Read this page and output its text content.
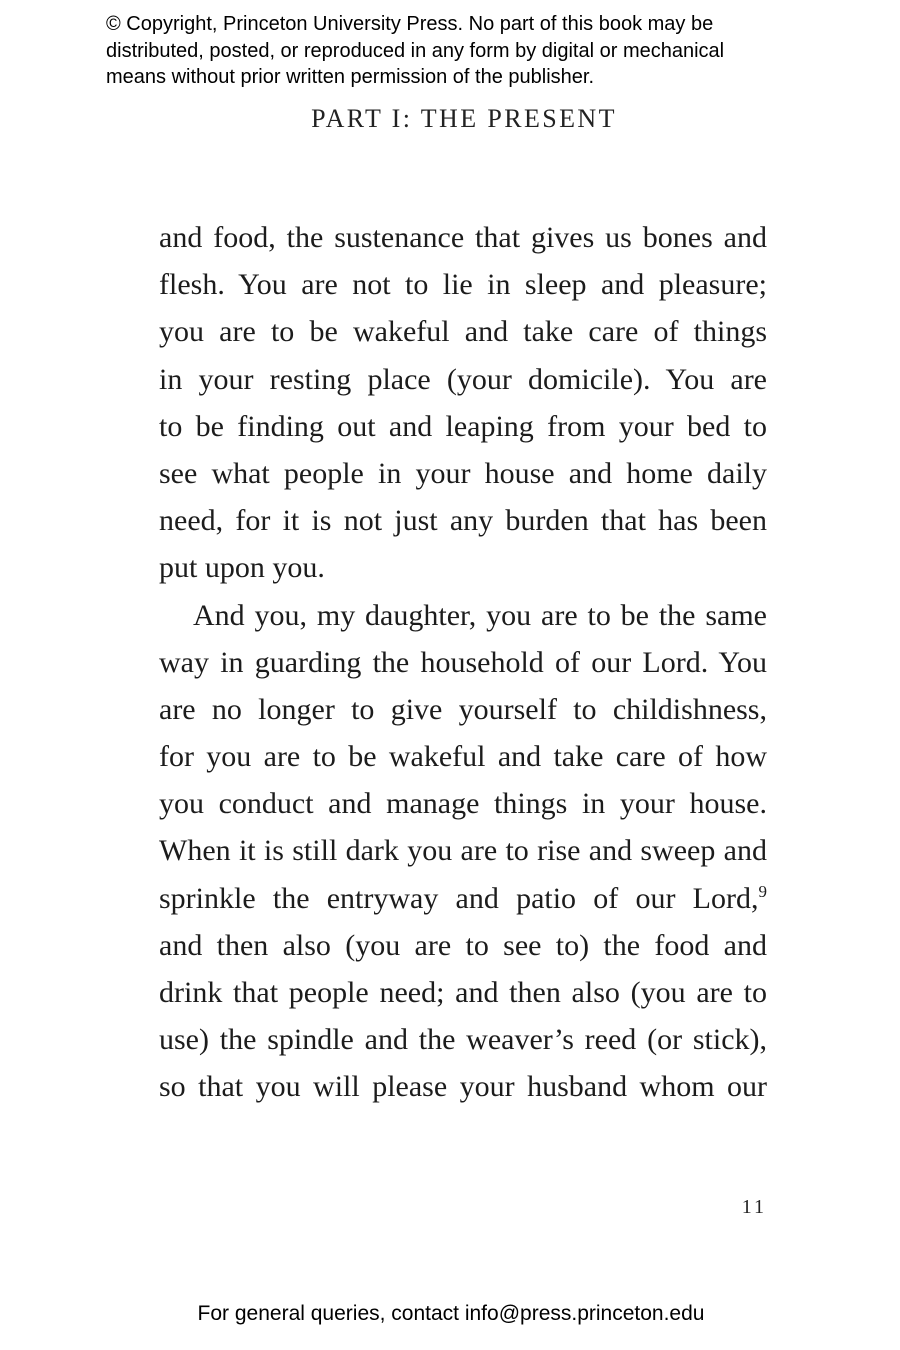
© Copyright, Princeton University Press. No part of this book may be
distributed, posted, or reproduced in any form by digital or mechanical
means without prior written permission of the publisher.
PART I: THE PRESENT
and food, the sustenance that gives us bones and
flesh. You are not to lie in sleep and pleasure;
you are to be wakeful and take care of things
in your resting place (your domicile). You are
to be finding out and leaping from your bed to
see what people in your house and home daily
need, for it is not just any burden that has been
put upon you.
And you, my daughter, you are to be the same
way in guarding the household of our Lord. You
are no longer to give yourself to childishness,
for you are to be wakeful and take care of how
you conduct and manage things in your house.
When it is still dark you are to rise and sweep and
sprinkle the entryway and patio of our Lord,$^9$
and then also (you are to see to) the food and
drink that people need; and then also (you are to
use) the spindle and the weaver’s reed (or stick),
so that you will please your husband whom our
11
For general queries, contact info@press.princeton.edu
